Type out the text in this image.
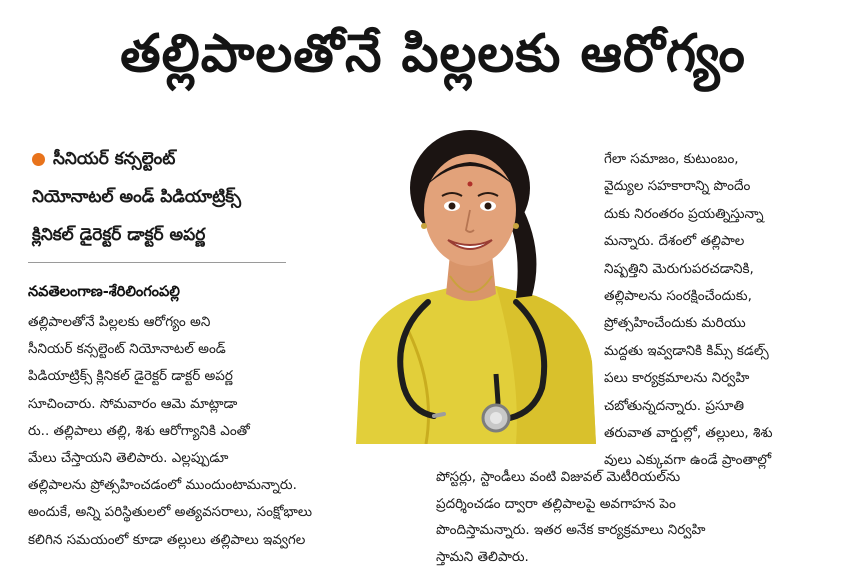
తల్లిపాలతోనే పిల్లలకు ఆరోగ్యం
సీనియర్ కన్సల్టెంట్
నియోనాటల్ అండ్ పిడియాట్రిక్స్
క్లినికల్ డైరెక్టర్ డాక్టర్ అపర్ణ
నవతెలంగాణ-శేరిలింగంపల్లి
తల్లిపాలతోనే పిల్లలకు ఆరోగ్యం అని
సీనియర్ కన్సల్టెంట్ నియోనాటల్ అండ్
పిడియాట్రిక్స్ క్లినికల్ డైరెక్టర్ డాక్టర్ అపర్ణ
సూచించారు. సోమవారం ఆమె మాట్లాడా
రు.. తల్లిపాలు తల్లి, శిశు ఆరోగ్యానికి ఎంతో
మేలు చేస్తాయని తెలిపారు. ఎల్లప్పుడూ
తల్లిపాలను ప్రోత్సహించడంలో ముందుంటామన్నారు.
అందుకే, అన్ని పరిస్థితులలో అత్యవసరాలు, సంక్షోభాలు
కలిగిన సమయంలో కూడా తల్లులు తల్లిపాలు ఇవ్వగల
గేలా సమాజం, కుటుంబం,
వైద్యుల సహకారాన్ని పొందేం
దుకు నిరంతరం ప్రయత్నిస్తున్నా
మన్నారు. దేశంలో తల్లిపాల
నిష్పత్తిని మెరుగుపరచడానికి,
తల్లిపాలను సంరక్షించేందుకు,
ప్రోత్సహించేందుకు మరియు
మద్దతు ఇవ్వడానికి కిమ్స్ కడల్స్
పలు కార్యక్రమాలను నిర్వహి
చబోతున్నదన్నారు. ప్రసూతి
తరువాత వార్డుల్లో, తల్లులు, శిశు
వులు ఎక్కువగా ఉండే ప్రాంతాల్లో
పోస్టర్లు, స్టాండీలు వంటి విజువల్ మెటీరియల్‌ను
ప్రదర్శించడం ద్వారా తల్లిపాలపై అవగాహన పెం
పొందిస్తామన్నారు. ఇతర అనేక కార్యక్రమాలు నిర్వహి
స్తామని తెలిపారు.
